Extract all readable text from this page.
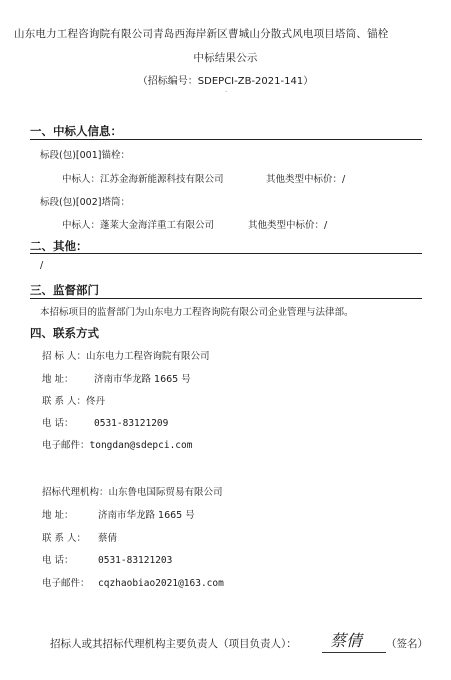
山东电力工程咨询院有限公司青岛西海岸新区曹城山分散式风电项目塔筒、锚栓
中标结果公示
（招标编号：SDEPCI-ZB-2021-141）
·
一、中标人信息：
标段(包)[001]锚栓：
中标人：江苏金海新能源科技有限公司	其他类型中标价：/
标段(包)[002]塔筒：
中标人：蓬莱大金海洋重工有限公司	其他类型中标价：/
二、其他：
/
三、监督部门
本招标项目的监督部门为山东电力工程咨询院有限公司企业管理与法律部。
四、联系方式
招 标 人：山东电力工程咨询院有限公司
地 址： 济南市华龙路 1665 号
联 系 人：佟丹
电 话： 0531-83121209
电子邮件：tongdan@sdepci.com
招标代理机构：山东鲁电国际贸易有限公司
地 址：	济南市华龙路 1665 号
联 系 人： 蔡倩
电 话：	0531-83121203
电子邮件： cqzhaobiao2021@163.com
招标人或其招标代理机构主要负责人（项目负责人）： 蔡倩 （签名）
